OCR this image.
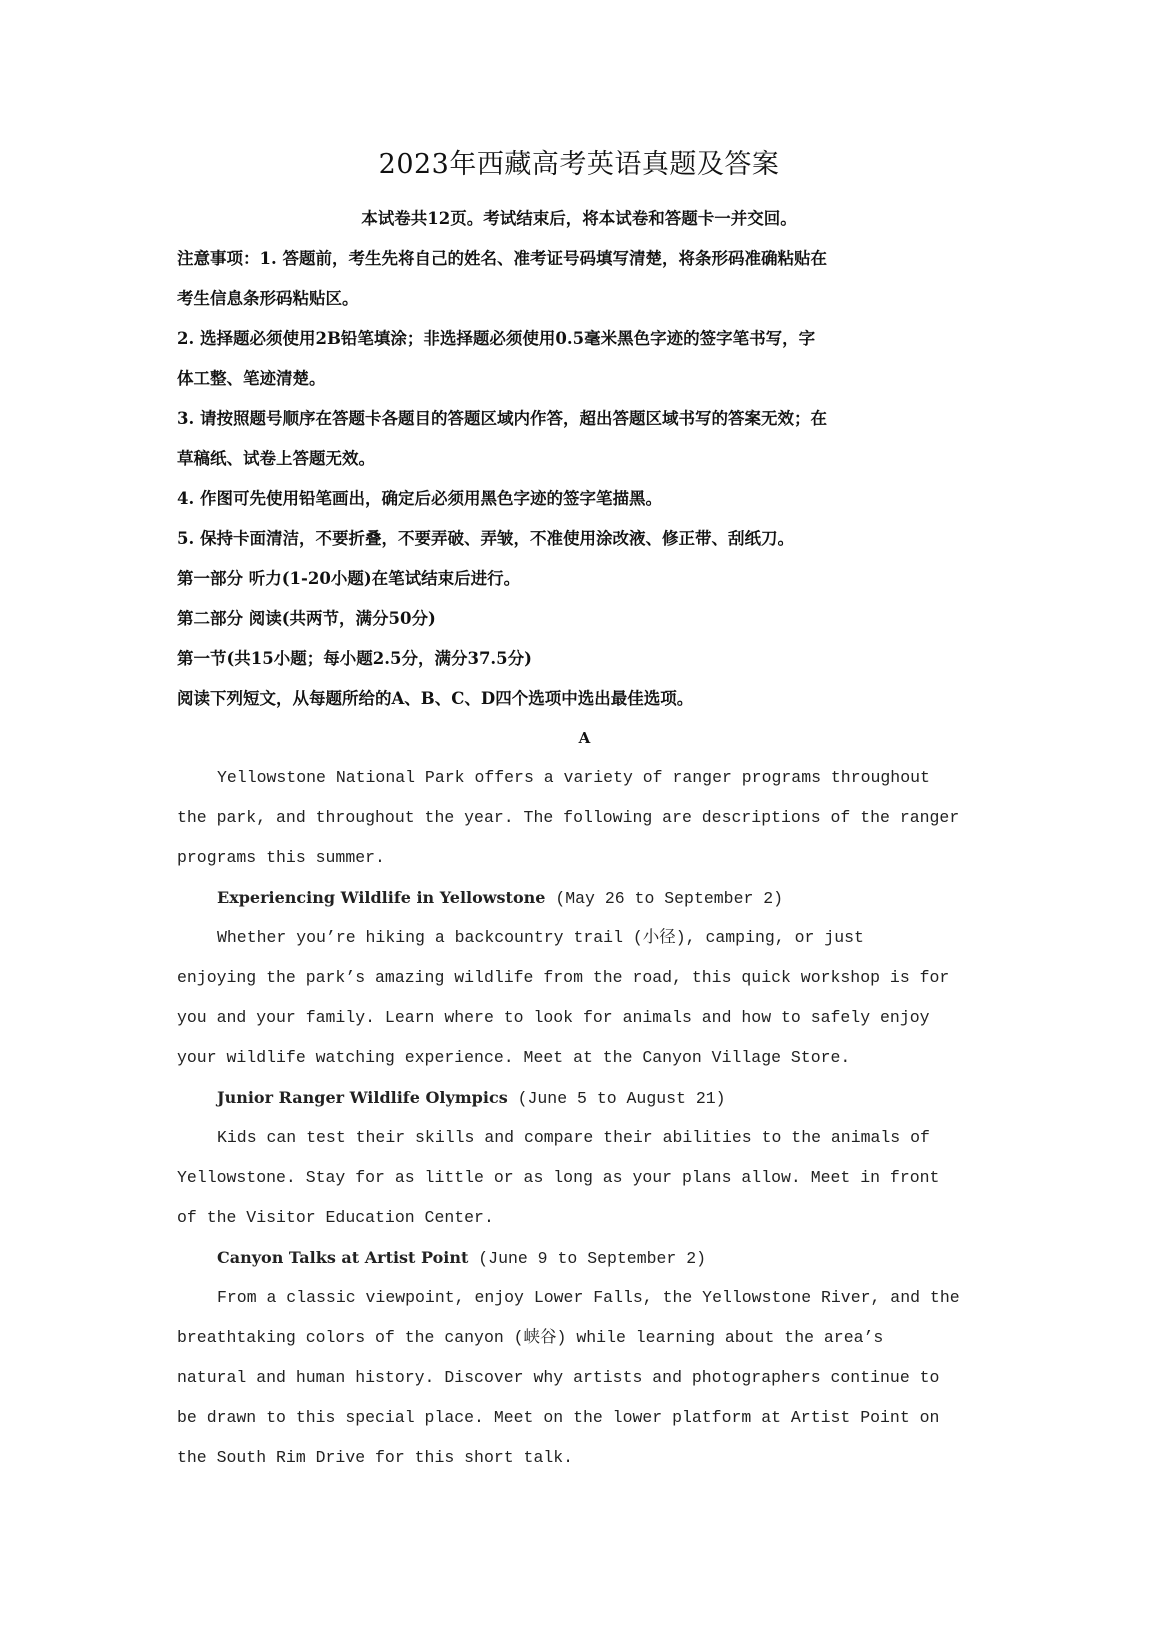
2023年西藏高考英语真题及答案
本试卷共12页。考试结束后，将本试卷和答题卡一并交回。
注意事项：1. 答题前，考生先将自己的姓名、准考证号码填写清楚，将条形码准确粘贴在
考生信息条形码粘贴区。
2. 选择题必须使用2B铅笔填涂；非选择题必须使用0.5毫米黑色字迹的签字笔书写，字
体工整、笔迹清楚。
3. 请按照题号顺序在答题卡各题目的答题区域内作答，超出答题区域书写的答案无效；在
草稿纸、试卷上答题无效。
4. 作图可先使用铅笔画出，确定后必须用黑色字迹的签字笔描黑。
5. 保持卡面清洁，不要折叠，不要弄破、弄皱，不准使用涂改液、修正带、刮纸刀。
第一部分 听力(1-20小题)在笔试结束后进行。
第二部分 阅读(共两节，满分50分)
第一节(共15小题；每小题2.5分，满分37.5分)
阅读下列短文，从每题所给的A、B、C、D四个选项中选出最佳选项。
A
Yellowstone National Park offers a variety of ranger programs throughout
the park, and throughout the year. The following are descriptions of the ranger
programs this summer.
Experiencing Wildlife in Yellowstone (May 26 to September 2)
Whether you’re hiking a backcountry trail (小径), camping, or just
enjoying the park’s amazing wildlife from the road, this quick workshop is for
you and your family. Learn where to look for animals and how to safely enjoy
your wildlife watching experience. Meet at the Canyon Village Store.
Junior Ranger Wildlife Olympics (June 5 to August 21)
Kids can test their skills and compare their abilities to the animals of
Yellowstone. Stay for as little or as long as your plans allow. Meet in front
of the Visitor Education Center.
Canyon Talks at Artist Point (June 9 to September 2)
From a classic viewpoint, enjoy Lower Falls, the Yellowstone River, and the
breathtaking colors of the canyon (峡谷) while learning about the area’s
natural and human history. Discover why artists and photographers continue to
be drawn to this special place. Meet on the lower platform at Artist Point on
the South Rim Drive for this short talk.
